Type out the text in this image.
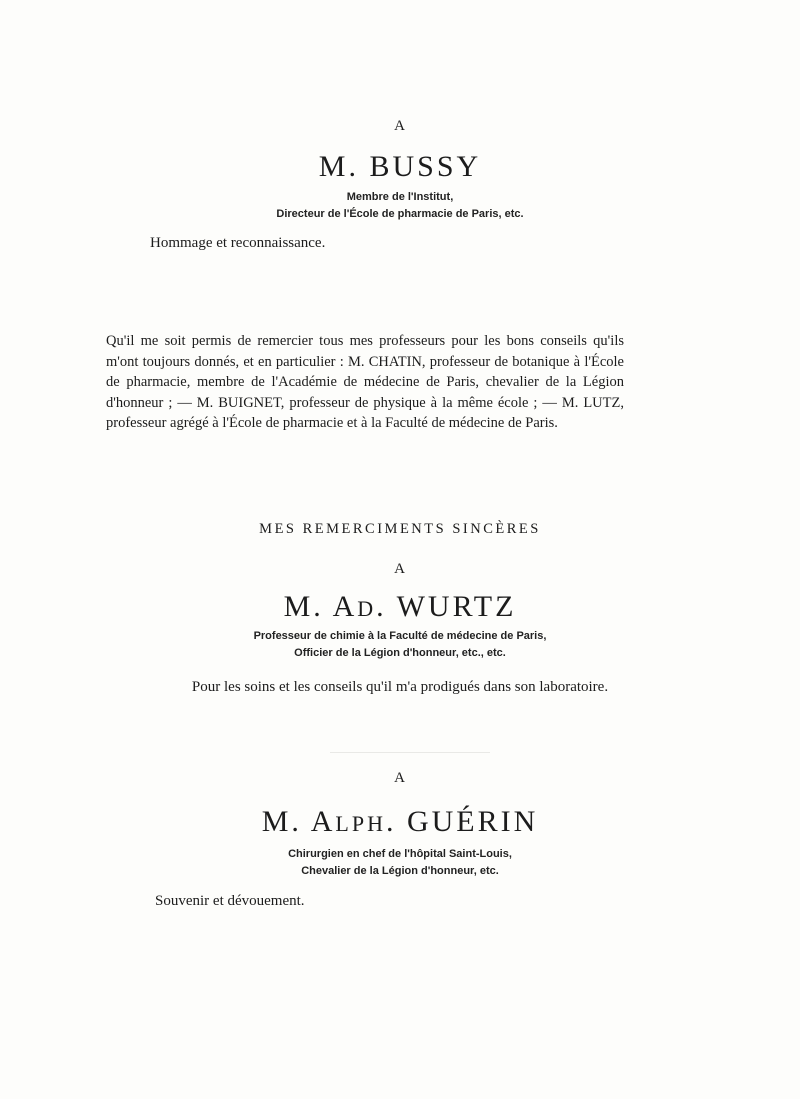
A
M. BUSSY
Membre de l'Institut,
Directeur de l'École de pharmacie de Paris, etc.
Hommage et reconnaissance.
Qu'il me soit permis de remercier tous mes professeurs pour les bons conseils qu'ils m'ont toujours donnés, et en particulier : M. CHATIN, professeur de botanique à l'École de pharmacie, membre de l'Académie de médecine de Paris, chevalier de la Légion d'honneur ; — M. BUIGNET, professeur de physique à la même école ; — M. LUTZ, professeur agrégé à l'École de pharmacie et à la Faculté de médecine de Paris.
MES REMERCIMENTS SINCÈRES
A
M. AD. WURTZ
Professeur de chimie à la Faculté de médecine de Paris,
Officier de la Légion d'honneur, etc., etc.
Pour les soins et les conseils qu'il m'a prodigués dans son laboratoire.
A
M. ALPH. GUÉRIN
Chirurgien en chef de l'hôpital Saint-Louis,
Chevalier de la Légion d'honneur, etc.
Souvenir et dévouement.
